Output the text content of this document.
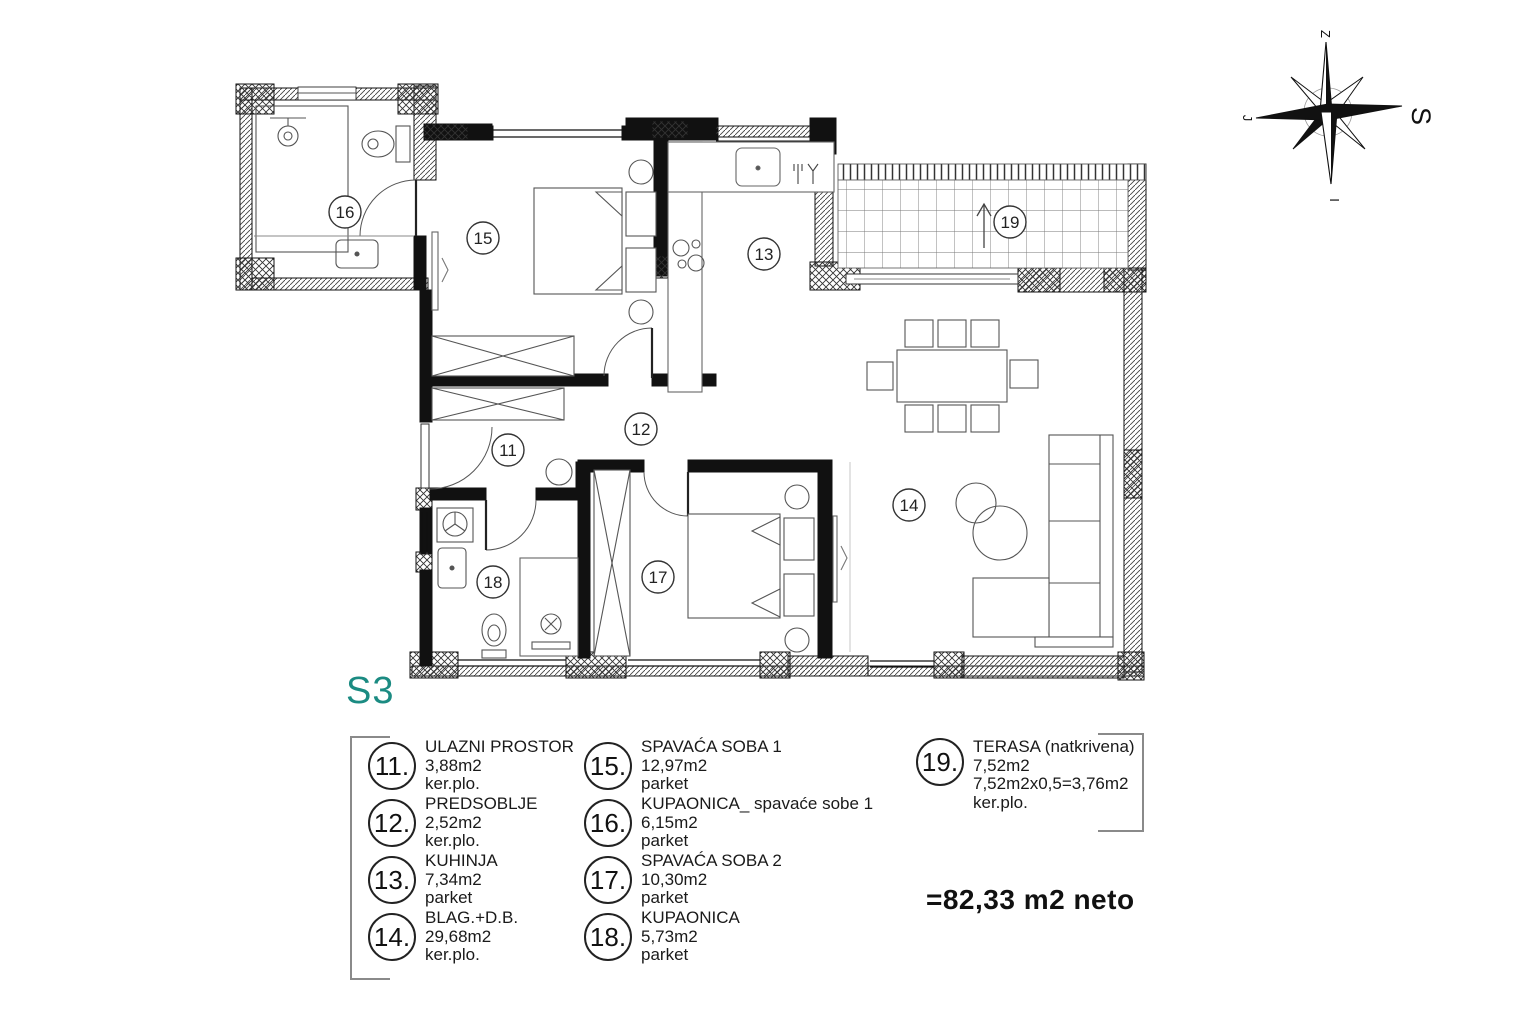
11
12
13
14
15
16
17
18
19
Z
S
I
J
S3
11.
ULAZNI PROSTOR
3,88m2
ker.plo.
12.
PREDSOBLJE
2,52m2
ker.plo.
13.
KUHINJA
7,34m2
parket
14.
BLAG.+D.B.
29,68m2
ker.plo.
15.
SPAVAĆA SOBA 1
12,97m2
parket
16.
KUPAONICA_ spavaće sobe 1
6,15m2
parket
17.
SPAVAĆA SOBA 2
10,30m2
parket
18.
KUPAONICA
5,73m2
parket
19. TERASA (natkrivena)
7,52m2
7,52m2x0,5=3,76m2
ker.plo.
=82,33 m2 neto
